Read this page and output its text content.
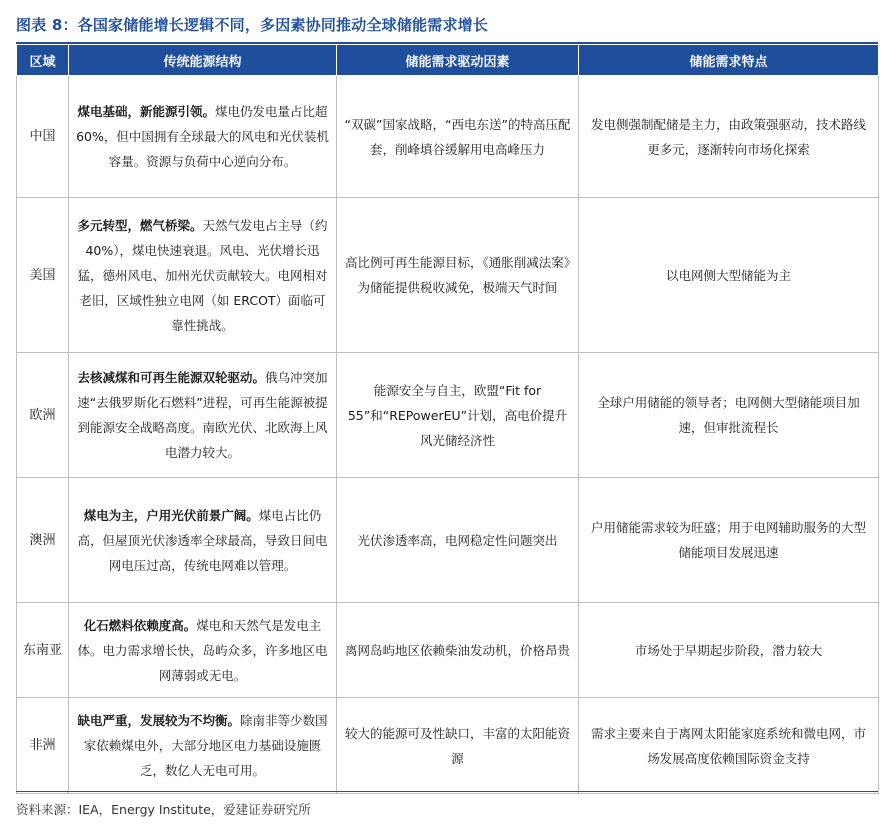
图表 8：各国家储能增长逻辑不同，多因素协同推动全球储能需求增长
区域	传统能源结构	储能需求驱动因素	储能需求特点
中国	煤电基础，新能源引领。煤电仍发电量占比超 60%，但中国拥有全球最大的风电和光伏装机容量。资源与负荷中心逆向分布。	“双碳”国家战略，“西电东送”的特高压配套，削峰填谷缓解用电高峰压力	发电侧强制配储是主力，由政策强驱动，技术路线更多元，逐渐转向市场化探索
美国	多元转型，燃气桥梁。天然气发电占主导（约 40%），煤电快速衰退。风电、光伏增长迅猛，德州风电、加州光伏贡献较大。电网相对老旧，区域性独立电网（如 ERCOT）面临可靠性挑战。	高比例可再生能源目标，《通胀削减法案》为储能提供税收减免，极端天气时间	以电网侧大型储能为主
欧洲	去核减煤和可再生能源双轮驱动。俄乌冲突加速“去俄罗斯化石燃料”进程，可再生能源被提到能源安全战略高度。南欧光伏、北欧海上风电潜力较大。	能源安全与自主，欧盟“Fit for 55”和“REPowerEU”计划，高电价提升风光储经济性	全球户用储能的领导者；电网侧大型储能项目加速，但审批流程长
澳洲	煤电为主，户用光伏前景广阔。煤电占比仍高，但屋顶光伏渗透率全球最高，导致日间电网电压过高，传统电网难以管理。	光伏渗透率高，电网稳定性问题突出	户用储能需求较为旺盛；用于电网辅助服务的大型储能项目发展迅速
东南亚	化石燃料依赖度高。煤电和天然气是发电主体。电力需求增长快，岛屿众多，许多地区电网薄弱或无电。	离网岛屿地区依赖柴油发动机，价格昂贵	市场处于早期起步阶段，潜力较大
非洲	缺电严重，发展较为不均衡。除南非等少数国家依赖煤电外，大部分地区电力基础设施匮乏，数亿人无电可用。	较大的能源可及性缺口，丰富的太阳能资源	需求主要来自于离网太阳能家庭系统和微电网，市场发展高度依赖国际资金支持
资料来源：IEA，Energy Institute，爱建证券研究所
